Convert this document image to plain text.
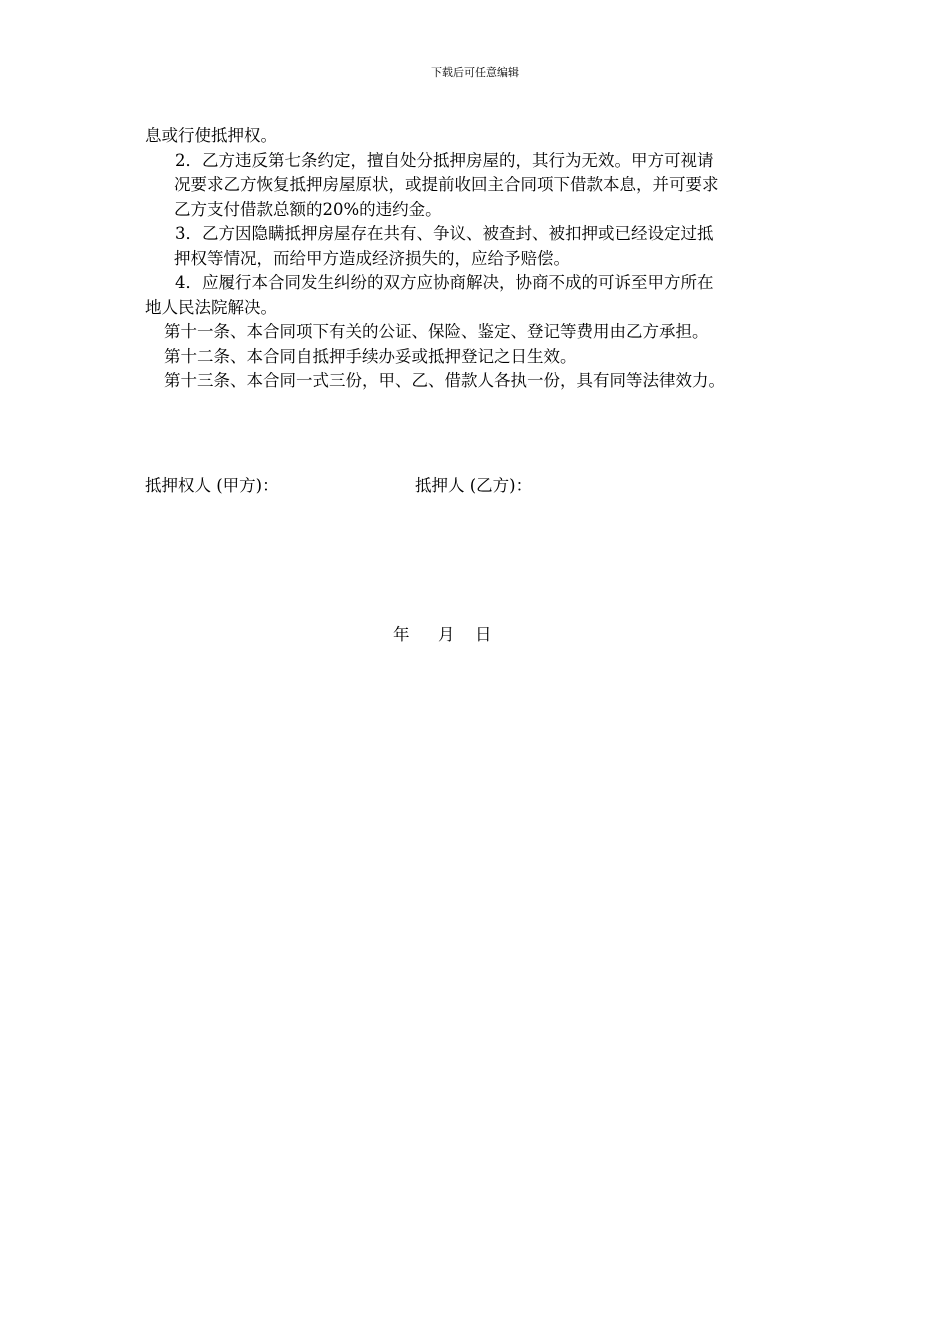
下载后可任意编辑
息或行使抵押权。
2．乙方违反第七条约定，擅自处分抵押房屋的，其行为无效。甲方可视请
况要求乙方恢复抵押房屋原状，或提前收回主合同项下借款本息，并可要求
乙方支付借款总额的20%的违约金。
3．乙方因隐瞒抵押房屋存在共有、争议、被查封、被扣押或已经设定过抵
押权等情况，而给甲方造成经济损失的，应给予赔偿。
4．应履行本合同发生纠纷的双方应协商解决，协商不成的可诉至甲方所在
地人民法院解决。
第十一条、本合同项下有关的公证、保险、鉴定、登记等费用由乙方承担。
第十二条、本合同自抵押手续办妥或抵押登记之日生效。
第十三条、本合同一式三份，甲、乙、借款人各执一份，具有同等法律效力。
抵押权人 (甲方)：	抵押人 (乙方)：
年 月 日
